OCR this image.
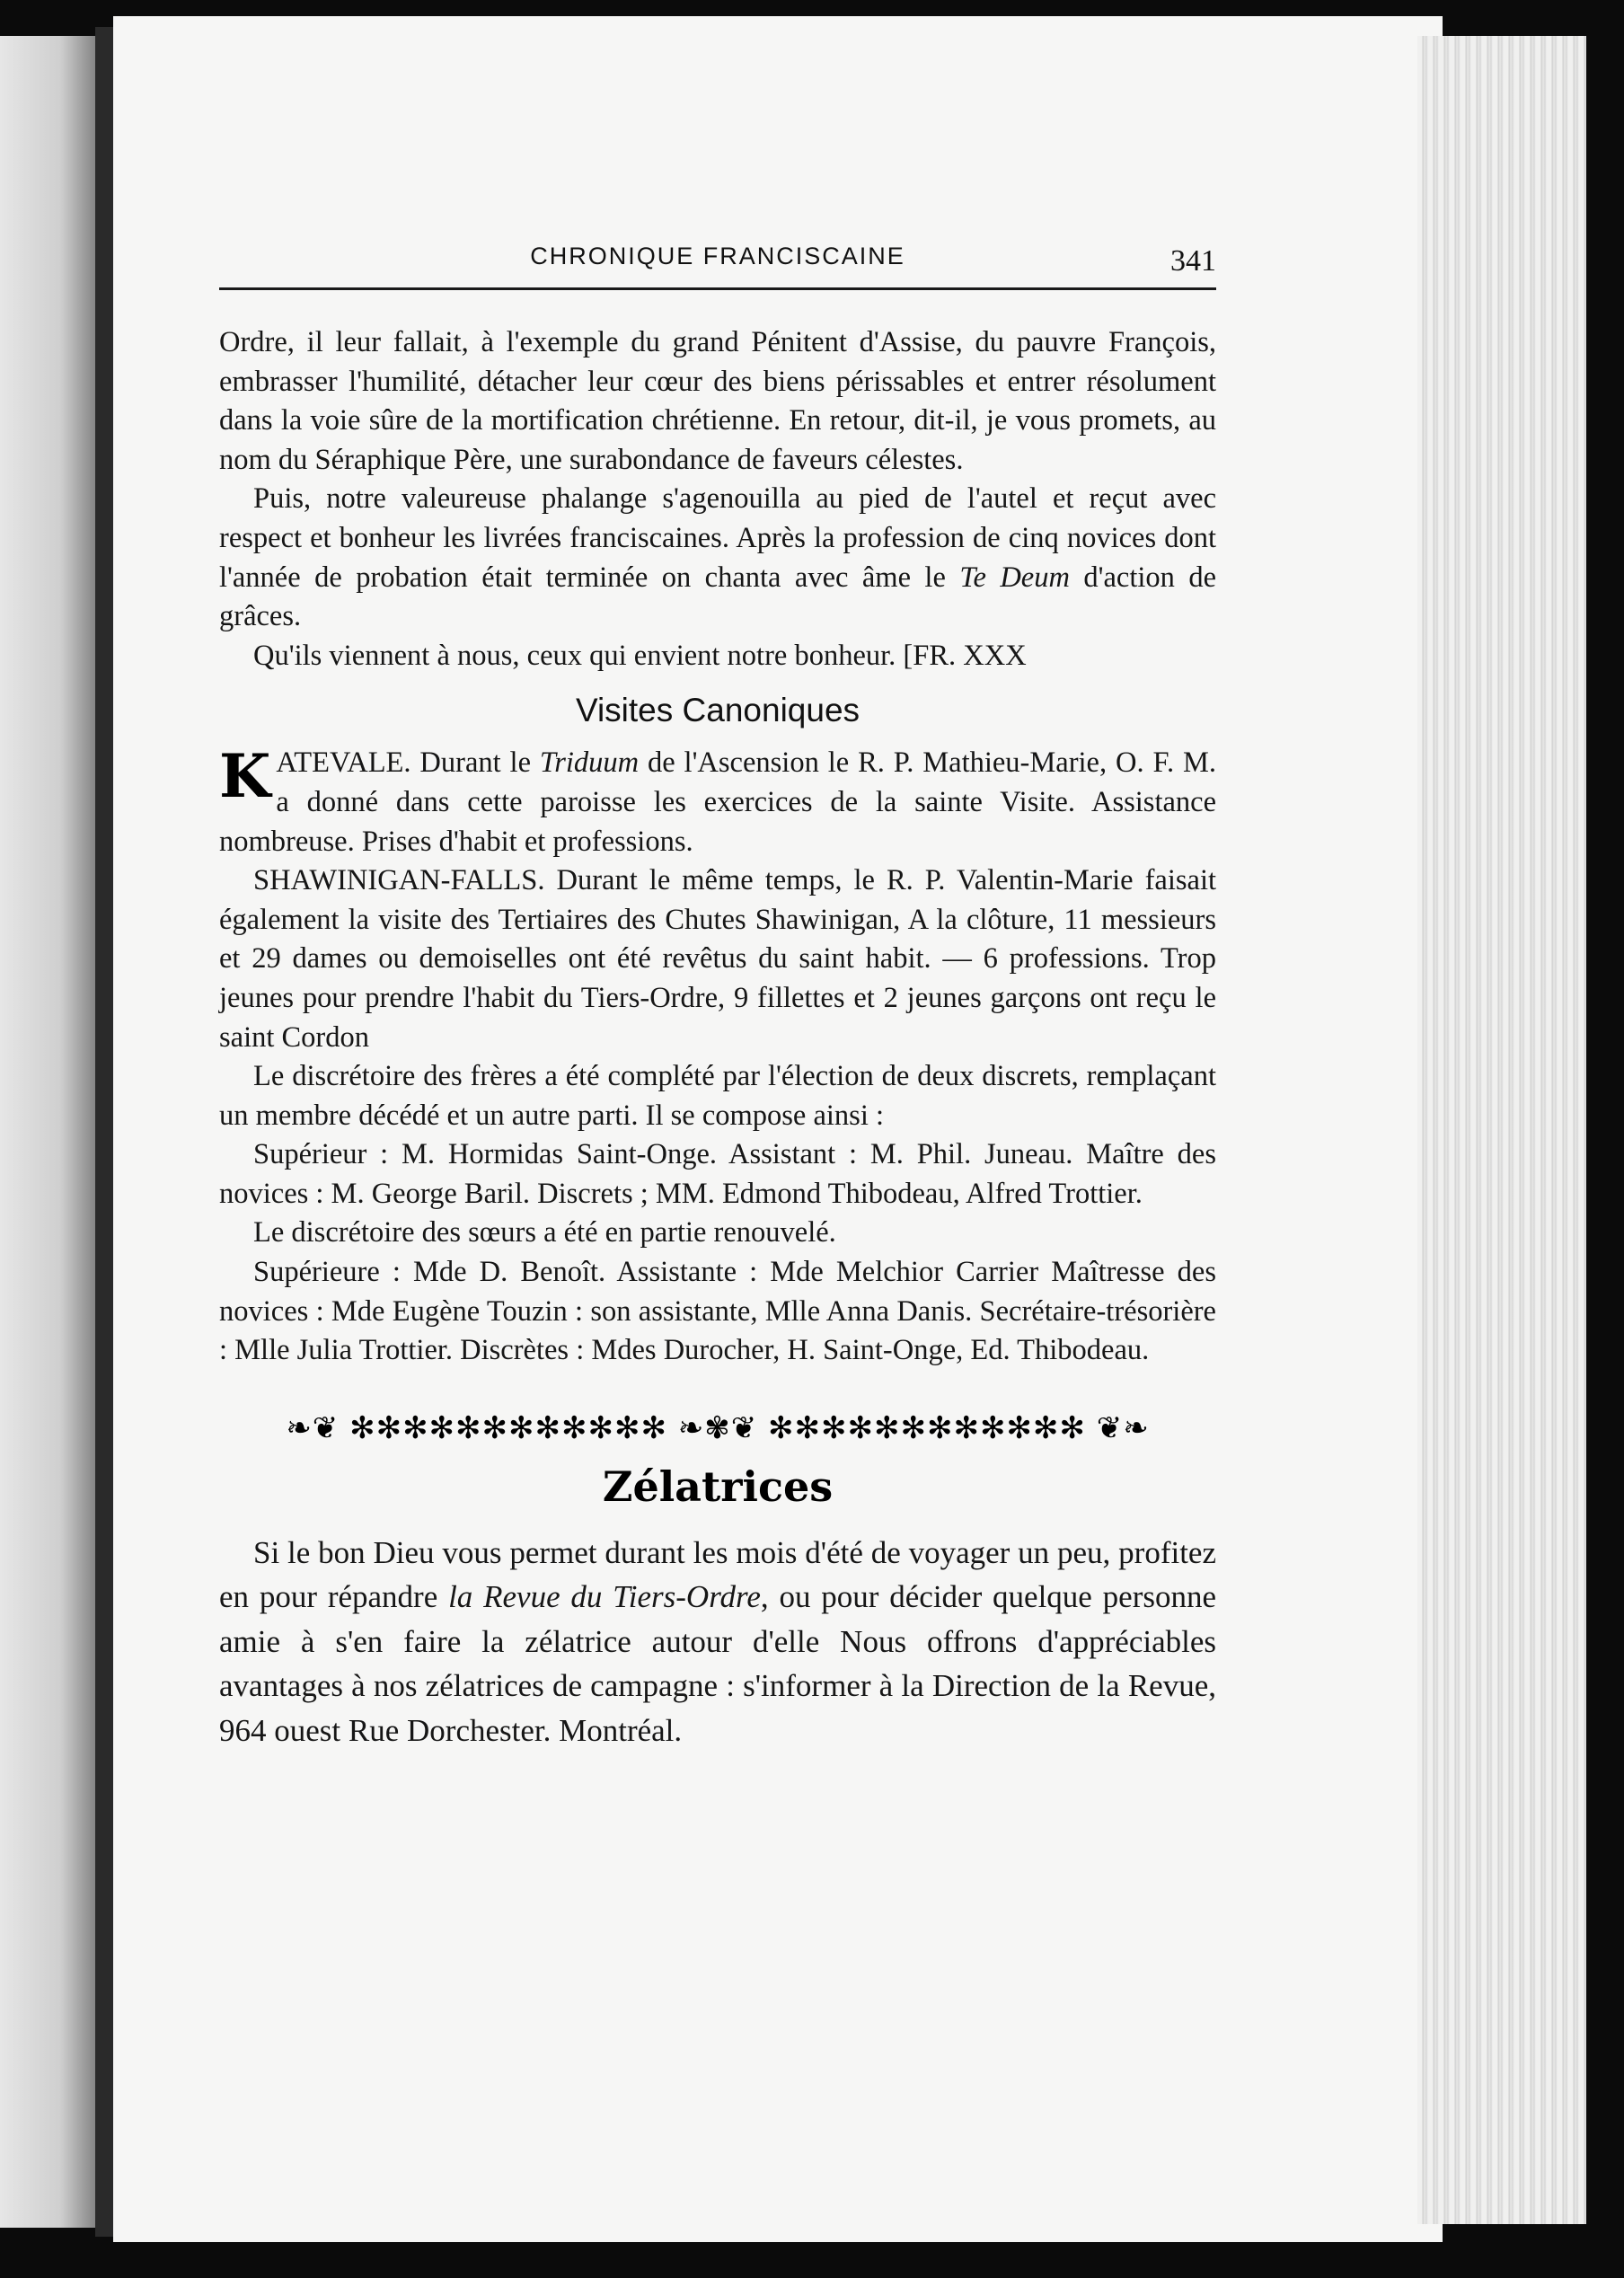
CHRONIQUE FRANCISCAINE	341

Ordre, il leur fallait, à l'exemple du grand Pénitent d'Assise, du pauvre François, embrasser l'humilité, détacher leur cœur des biens périssables et entrer résolument dans la voie sûre de la mortification chrétienne. En retour, dit-il, je vous promets, au nom du Séraphique Père, une surabondance de faveurs célestes.

Puis, notre valeureuse phalange s'agenouilla au pied de l'autel et reçut avec respect et bonheur les livrées franciscaines. Après la profession de cinq novices dont l'année de probation était terminée on chanta avec âme le Te Deum d'action de grâces.

Qu'ils viennent à nous, ceux qui envient notre bonheur. [FR. XXX

Visites Canoniques

KATEVALE. Durant le Triduum de l'Ascension le R. P. Mathieu-Marie, O. F. M. a donné dans cette paroisse les exercices de la sainte Visite. Assistance nombreuse. Prises d'habit et professions.

SHAWINIGAN-FALLS. Durant le même temps, le R. P. Valentin-Marie faisait également la visite des Tertiaires des Chutes Shawinigan, A la clôture, 11 messieurs et 29 dames ou demoiselles ont été revêtus du saint habit. — 6 professions. Trop jeunes pour prendre l'habit du Tiers-Ordre, 9 fillettes et 2 jeunes garçons ont reçu le saint Cordon

Le discrétoire des frères a été complété par l'élection de deux discrets, remplaçant un membre décédé et un autre parti. Il se compose ainsi :

Supérieur : M. Hormidas Saint-Onge. Assistant : M. Phil. Juneau. Maître des novices : M. George Baril. Discrets ; MM. Edmond Thibodeau, Alfred Trottier.

Le discrétoire des sœurs a été en partie renouvelé.

Supérieure : Mde D. Benoît. Assistante : Mde Melchior Carrier Maîtresse des novices : Mde Eugène Touzin : son assistante, Mlle Anna Danis. Secrétaire-trésorière : Mlle Julia Trottier. Discrètes : Mdes Durocher, H. Saint-Onge, Ed. Thibodeau.

❧❦ ✻✻✻✻✻✻✻✻✻✻✻✻ ❧✾❦ ✻✻✻✻✻✻✻✻✻✻✻✻ ❦❧
Zélatrices

Si le bon Dieu vous permet durant les mois d'été de voyager un peu, profitez en pour répandre la Revue du Tiers-Ordre, ou pour décider quelque personne amie à s'en faire la zélatrice autour d'elle Nous offrons d'appréciables avantages à nos zélatrices de campagne : s'informer à la Direction de la Revue, 964 ouest Rue Dorchester. Montréal.
